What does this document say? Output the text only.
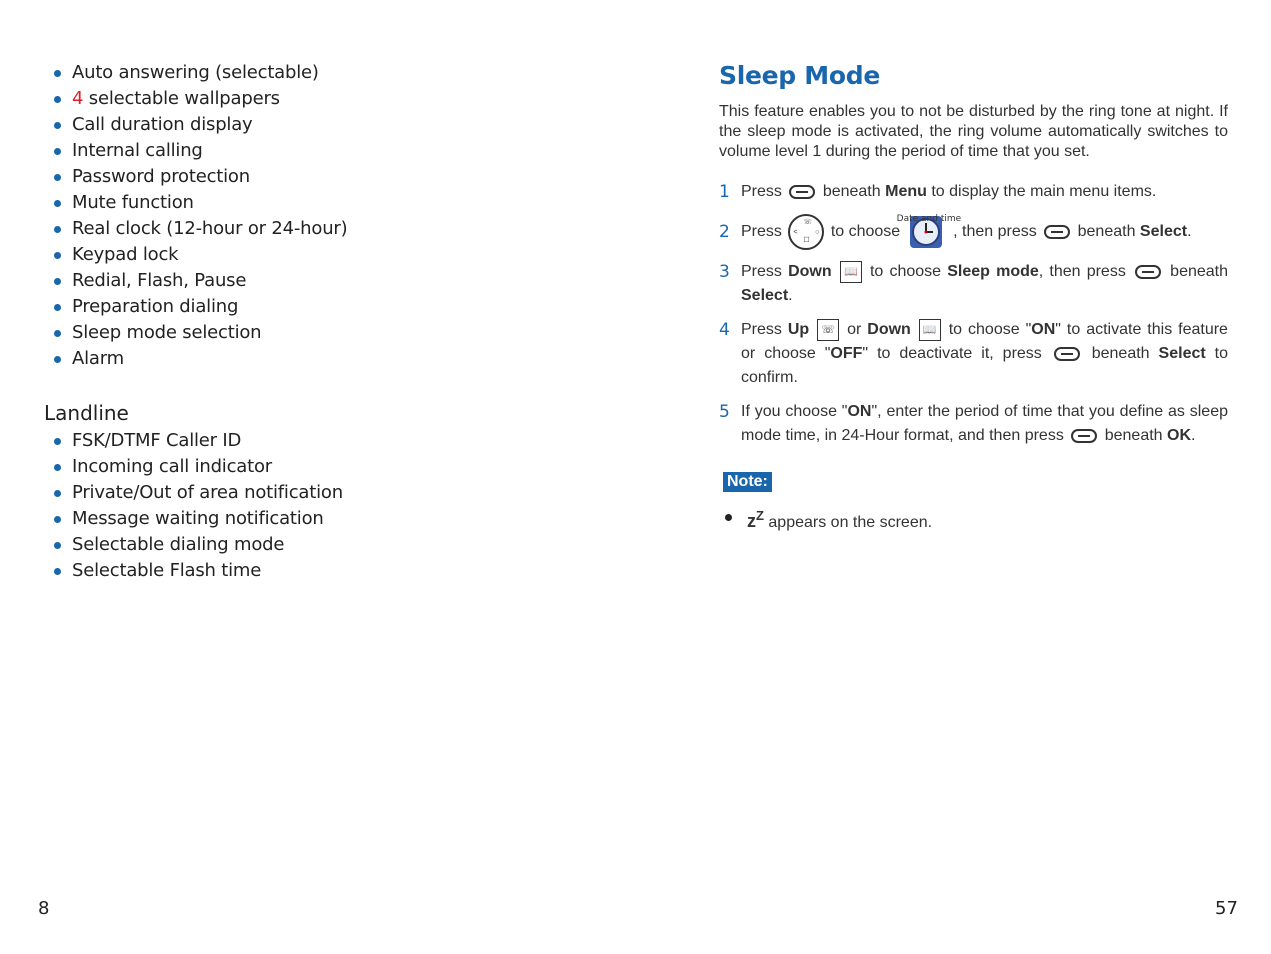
Auto answering (selectable)
4 selectable wallpapers
Call duration display
Internal calling
Password protection
Mute function
Real clock (12-hour or 24-hour)
Keypad lock
Redial, Flash, Pause
Preparation dialing
Sleep mode selection
Alarm
Landline
FSK/DTMF Caller ID
Incoming call indicator
Private/Out of area notification
Message waiting notification
Selectable dialing mode
Selectable Flash time
8
Sleep Mode

This feature enables you to not be disturbed by the ring tone at night. If the sleep mode is activated, the ring volume automatically switches to volume level 1 during the period of time that you set.

1 Press	beneath Menu to display the main menu items.
2 Press
☏
<	○
☐
to choose
Date and time
, then press	beneath Select.
3 Press Down 📖 to choose Sleep mode, then press	beneath Select.
4 Press Up ☏ or Down 📖 to choose "ON" to activate this feature or choose "OFF" to deactivate it, press	beneath Select to confirm.
5 If you choose "ON", enter the period of time that you define as sleep mode time, in 24-Hour format, and then press	beneath OK.
Note:
$z^Z$ appears on the screen.
57
